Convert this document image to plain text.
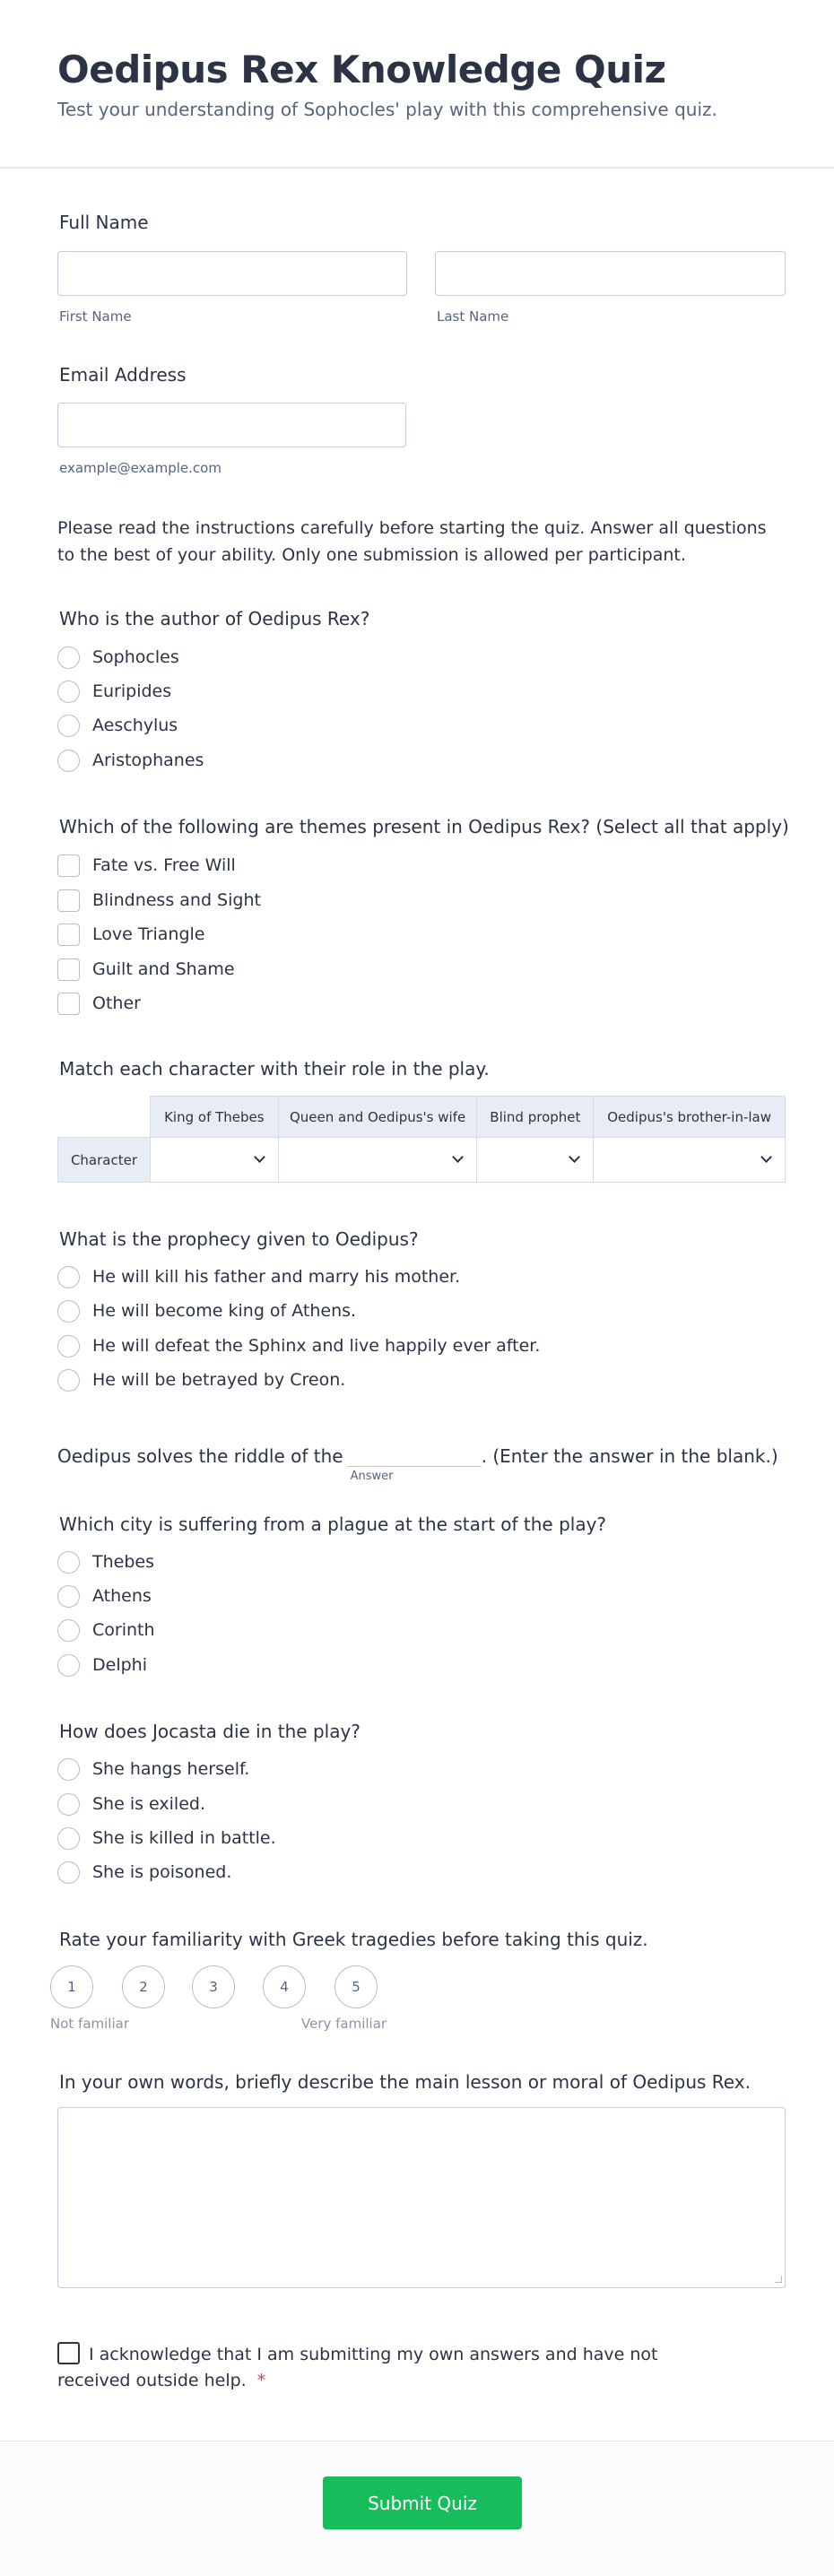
Oedipus Rex Knowledge Quiz

Test your understanding of Sophocles' play with this comprehensive quiz.

Full Name
First Name	Last Name
Email Address
example@example.com
Please read the instructions carefully before starting the quiz. Answer all questions to the best of your ability. Only one submission is allowed per participant.
Who is the author of Oedipus Rex?
Sophocles
Euripides
Aeschylus
Aristophanes
Which of the following are themes present in Oedipus Rex? (Select all that apply)
Fate vs. Free Will
Blindness and Sight
Love Triangle
Guilt and Shame
Other
Match each character with their role in the play.
	King of Thebes	Queen and Oedipus's wife	Blind prophet	Oedipus's brother-in-law
Character	

What is the prophecy given to Oedipus?
He will kill his father and marry his mother.
He will become king of Athens.
He will defeat the Sphinx and live happily ever after.
He will be betrayed by Creon.
Oedipus solves the riddle of the
Answer
. (Enter the answer in the blank.)
Which city is suffering from a plague at the start of the play?
Thebes
Athens
Corinth
Delphi
How does Jocasta die in the play?
She hangs herself.
She is exiled.
She is killed in battle.
She is poisoned.
Rate your familiarity with Greek tragedies before taking this quiz.
1	2	3	4	5
Not familiar	Very familiar
In your own words, briefly describe the main lesson or moral of Oedipus Rex.
I acknowledge that I am submitting my own answers and have not
received outside help. *
Submit Quiz
